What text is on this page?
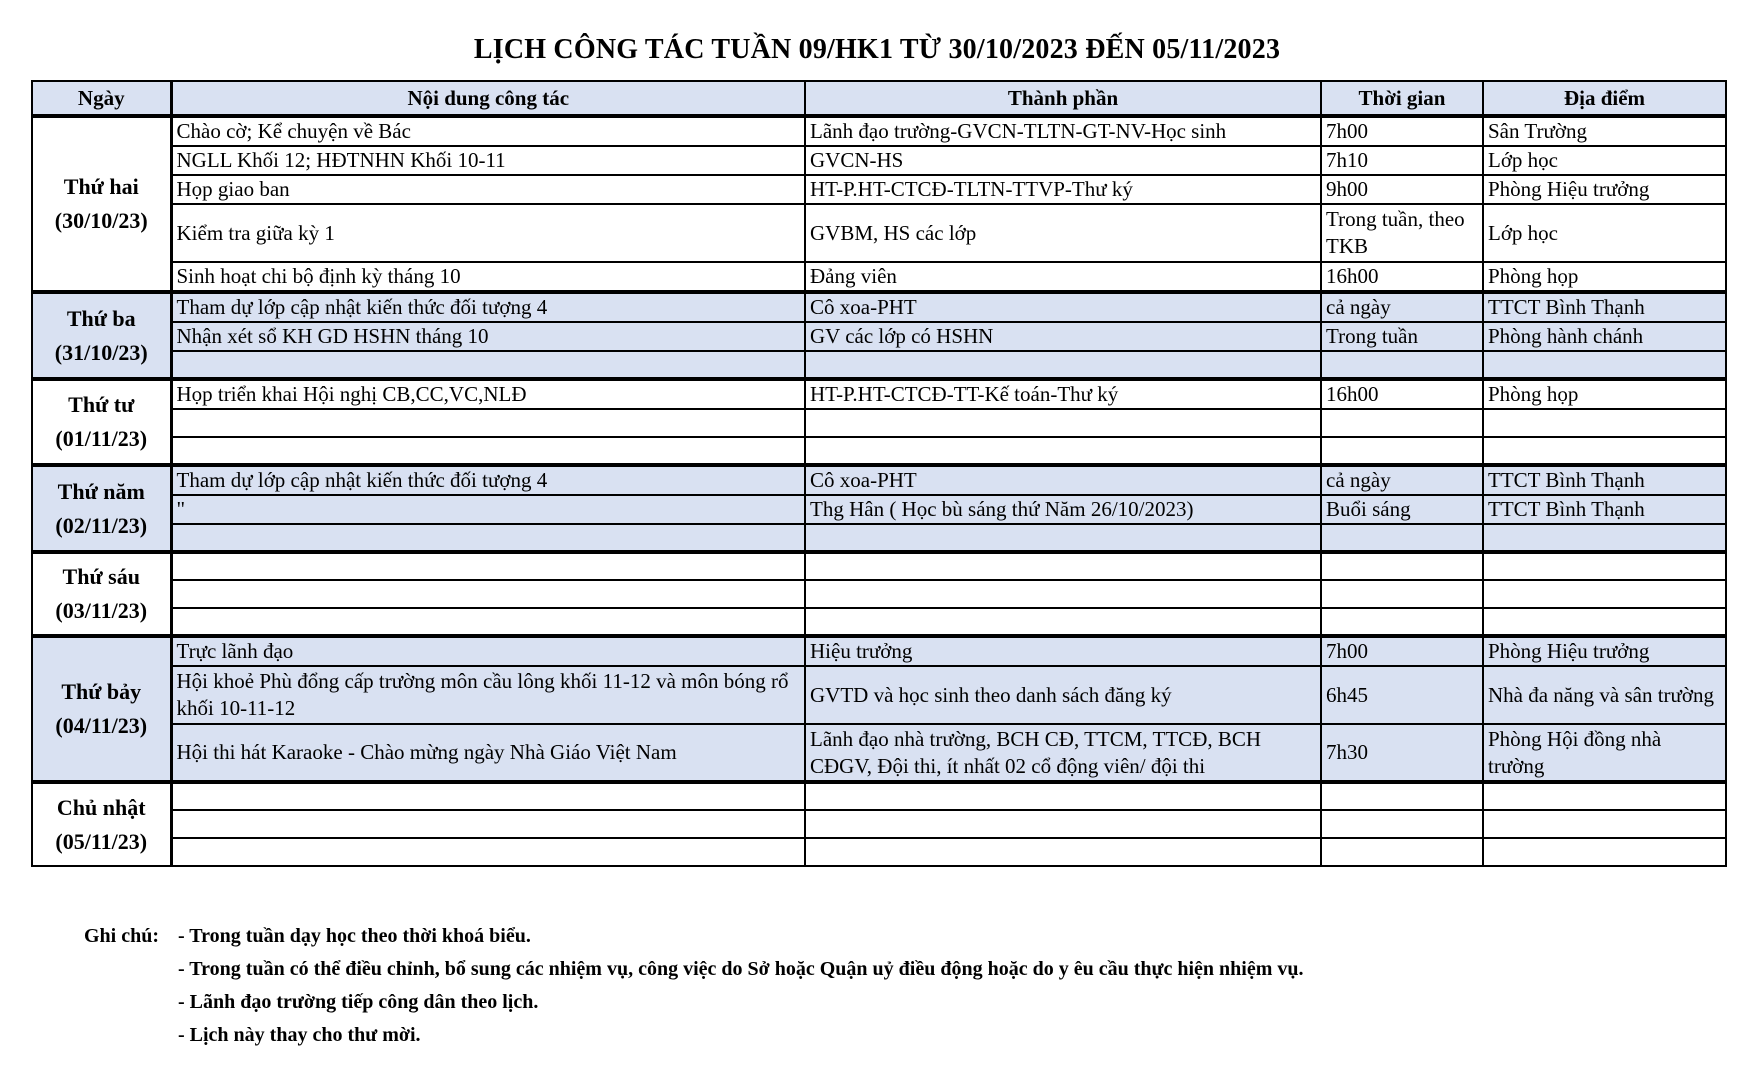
LỊCH CÔNG TÁC TUẦN 09/HK1 TỪ 30/10/2023 ĐẾN 05/11/2023
Ngày	Nội dung công tác	Thành phần	Thời gian	Địa điểm

Thứ hai
(30/10/23)	Chào cờ; Kể chuyện về Bác	Lãnh đạo trường-GVCN-TLTN-GT-NV-Học sinh	7h00	Sân Trường
	NGLL Khối 12; HĐTNHN Khối 10-11	GVCN-HS	7h10	Lớp học
	Họp giao ban	HT-P.HT-CTCĐ-TLTN-TTVP-Thư ký	9h00	Phòng Hiệu trưởng
	Kiểm tra giữa kỳ 1	GVBM, HS các lớp	Trong tuần, theo TKB	Lớp học
	Sinh hoạt chi bộ định kỳ tháng 10	Đảng viên	16h00	Phòng họp

Thứ ba
(31/10/23)	Tham dự lớp cập nhật kiến thức đối tượng 4	Cô xoa-PHT	cả ngày	TTCT Bình Thạnh
	Nhận xét sổ KH GD HSHN tháng 10	GV các lớp có HSHN	Trong tuần	Phòng hành chánh

Thứ tư
(01/11/23)	Họp triển khai Hội nghị CB,CC,VC,NLĐ	HT-P.HT-CTCĐ-TT-Kế toán-Thư ký	16h00	Phòng họp

Thứ năm
(02/11/23)	Tham dự lớp cập nhật kiến thức đối tượng 4	Cô xoa-PHT	cả ngày	TTCT Bình Thạnh
	"	Thg Hân ( Học bù sáng thứ Năm 26/10/2023)	Buổi sáng	TTCT Bình Thạnh

Thứ sáu
(03/11/23)				

Thứ bảy
(04/11/23)	Trực lãnh đạo	Hiệu trưởng	7h00	Phòng Hiệu trưởng
	Hội khoẻ Phù đổng cấp trường môn cầu lông khối 11-12 và môn bóng rổ khối 10-11-12	GVTD và học sinh theo danh sách đăng ký	6h45	Nhà đa năng và sân trường
	Hội thi hát Karaoke - Chào mừng ngày Nhà Giáo Việt Nam	Lãnh đạo nhà trường, BCH CĐ, TTCM, TTCĐ, BCH CĐGV, Đội thi, ít nhất 02 cổ động viên/ đội thi	7h30	Phòng Hội đồng nhà trường

Chủ nhật
(05/11/23)				

Ghi chú: - Trong tuần dạy học theo thời khoá biểu.
- Trong tuần có thể điều chỉnh, bổ sung các nhiệm vụ, công việc do Sở hoặc Quận uỷ điều động hoặc do y êu cầu thực hiện nhiệm vụ.
- Lãnh đạo trường tiếp công dân theo lịch.
- Lịch này thay cho thư mời.
